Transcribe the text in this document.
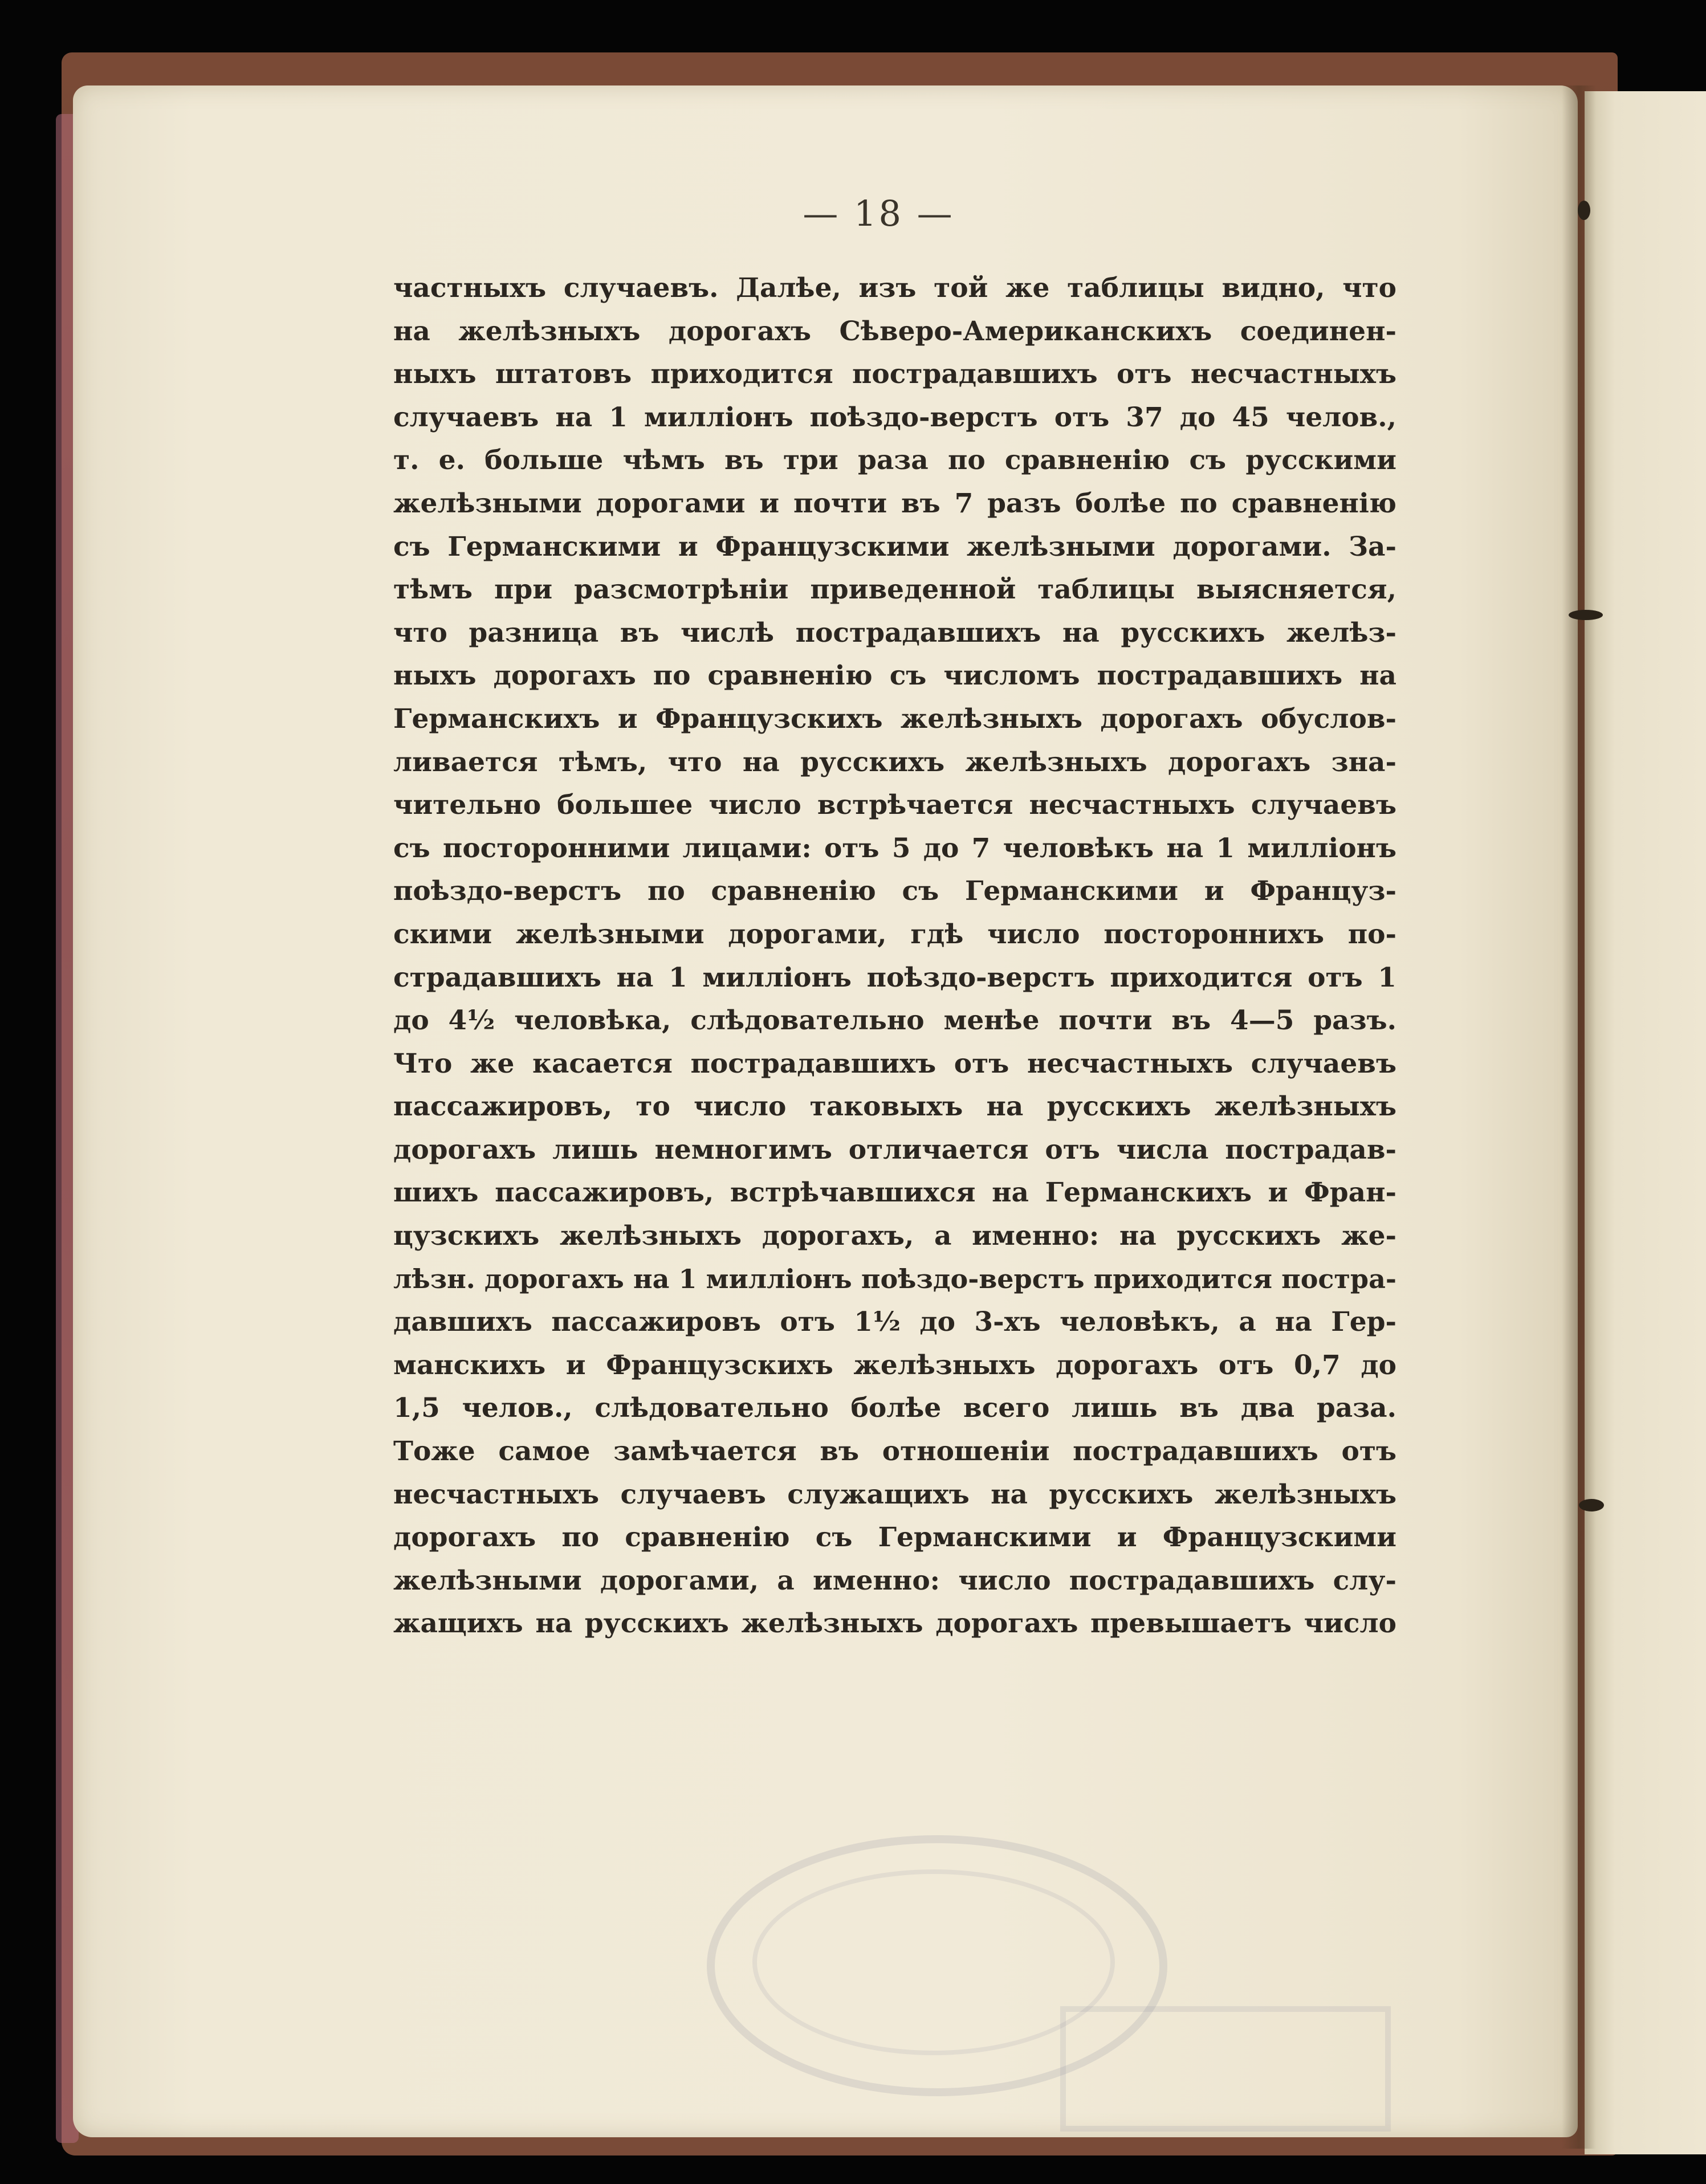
— 18 —
частныхъ случаевъ. Далѣе, изъ той же таблицы видно, что
на желѣзныхъ дорогахъ Сѣверо-Американскихъ соединен-
ныхъ штатовъ приходится пострадавшихъ отъ несчастныхъ
случаевъ на 1 милліонъ поѣздо-верстъ отъ 37 до 45 челов.,
т. е. больше чѣмъ въ три раза по сравненію съ русскими
желѣзными дорогами и почти въ 7 разъ болѣе по сравненію
съ Германскими и Французскими желѣзными дорогами. За-
тѣмъ при разсмотрѣніи приведенной таблицы выясняется,
что разница въ числѣ пострадавшихъ на русскихъ желѣз-
ныхъ дорогахъ по сравненію съ числомъ пострадавшихъ на
Германскихъ и Французскихъ желѣзныхъ дорогахъ обуслов-
ливается тѣмъ, что на русскихъ желѣзныхъ дорогахъ зна-
чительно большее число встрѣчается несчастныхъ случаевъ
съ посторонними лицами: отъ 5 до 7 человѣкъ на 1 милліонъ
поѣздо-верстъ по сравненію съ Германскими и Француз-
скими желѣзными дорогами, гдѣ число постороннихъ по-
страдавшихъ на 1 милліонъ поѣздо-верстъ приходится отъ 1
до 4½ человѣка, слѣдовательно менѣе почти въ 4—5 разъ.
Что же касается пострадавшихъ отъ несчастныхъ случаевъ
пассажировъ, то число таковыхъ на русскихъ желѣзныхъ
дорогахъ лишь немногимъ отличается отъ числа пострадав-
шихъ пассажировъ, встрѣчавшихся на Германскихъ и Фран-
цузскихъ желѣзныхъ дорогахъ, а именно: на русскихъ же-
лѣзн. дорогахъ на 1 милліонъ поѣздо-верстъ приходится постра-
давшихъ пассажировъ отъ 1½ до 3-хъ человѣкъ, а на Гер-
манскихъ и Французскихъ желѣзныхъ дорогахъ отъ 0,7 до
1,5 челов., слѣдовательно болѣе всего лишь въ два раза.
Тоже самое замѣчается въ отношеніи пострадавшихъ отъ
несчастныхъ случаевъ служащихъ на русскихъ желѣзныхъ
дорогахъ по сравненію съ Германскими и Французскими
желѣзными дорогами, а именно: число пострадавшихъ слу-
жащихъ на русскихъ желѣзныхъ дорогахъ превышаетъ число
